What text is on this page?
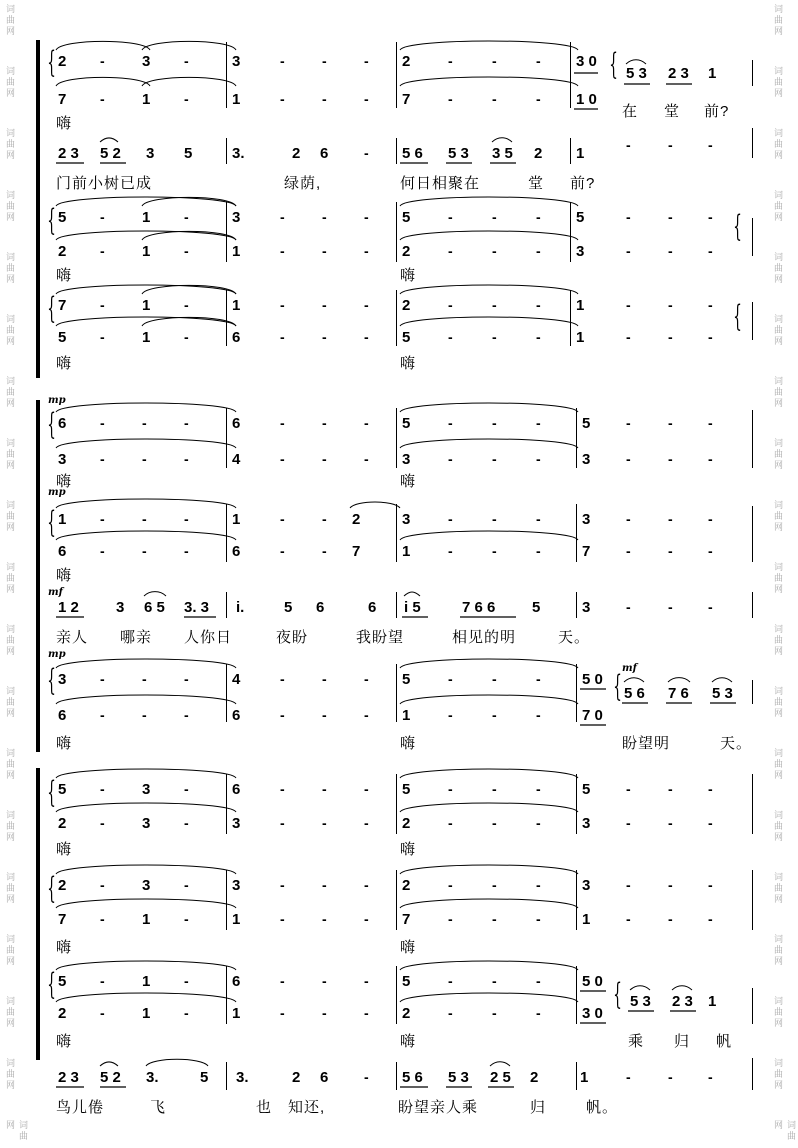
2 - 3 -	3	-	-	- 2	-	-	- 3 0
5 3 2 3 1
7 - 1 -	1	-	-	- 7	-	-	- 1 0
2 3 5 2 3 5	3.	2 6	- 5 6 5 3 3 5 2 1	-	-	-
5 - 1 -	3	-	-	- 5	-	-	- 5	-	-	-
2 - 1 -	1	-	-	- 2	-	-	- 3	-	-	-
7 - 1 -	1	-	-	- 2	-	-	- 1	-	-	-
5 - 1 -	6	-	-	- 5	-	-	- 1	-	-	-
6 -	-	-	6	-	-	- 5	-	-	-	5	-	-	-
3 -	-	-	4	-	-	- 3	-	-	-	3	-	-	-
1 -	-	-	1	-	- 2	3	-	-	-	3	-	-	-
6 -	-	-	6	-	- 7	1	-	-	-	7	-	-	-
1 2 3 6 5 3. 3 i.	5 6	6 i 5	7 6 6 5	3	-	-	-
3 -	-	-	4	-	-	- 5	-	-	-	5 0
5 6 7 6 5 3
6 -	-	-	6	-	-	- 1	-	-	-	7 0
5 - 3 -	6	-	-	- 5	-	-	-	5	-	-	-
2 - 3 -	3	-	-	- 2	-	-	-	3	-	-	-
2 - 3 -	3	-	-	- 2	-	-	-	3	-	-	-
7 - 1 -	1	-	-	- 7	-	-	-	1	-	-	-
5 - 1 -	6	-	-	- 5	-	-	-	5 0
5 3 2 3 1
2 - 1 -	1	-	-	- 2	-	-	-	3 0
2 3 5 2 3.	5 3.	2 6	- 5 6 5 3 2 5 2	1	-	-	-
嗨
在 堂 前?
门前小树已成	绿荫,	何日相聚在	堂 前?
嗨	嗨
嗨	嗨
嗨	嗨
嗨
亲人 哪亲 人你日	夜盼	我盼望	相见的明	天。
嗨	嗨	盼望明	天。
嗨	嗨
嗨	嗨
嗨	嗨	乘 归 帆
鸟儿倦	飞	也 知还,	盼望亲人乘	归	帆。
mp
mp
mf
mp
mf
{
{
{
{
{
{
{
{
{
{
{
{
{
{
词曲网	词曲网
词曲网	词曲网
词曲网	词曲网
词曲网	词曲网
词曲网	词曲网
词曲网	词曲网
词曲网	词曲网
词曲网	词曲网
词曲网	词曲网
词曲网	词曲网
词曲网	词曲网
词曲网	词曲网
词曲网	词曲网
词曲网	词曲网
词曲网	词曲网
词曲网	词曲网
词曲网	词曲网
词曲网	词曲网
词曲网	词曲网
